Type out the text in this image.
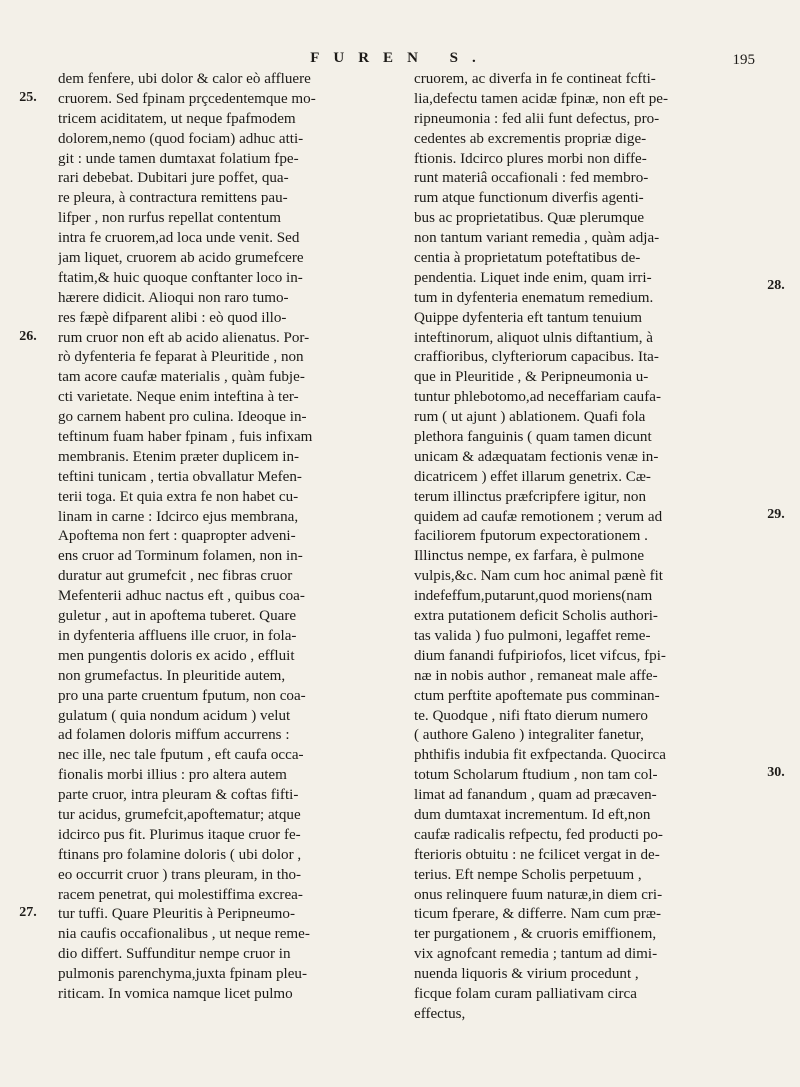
FUREN S.	195
25.
26.
27.
28.
29.
30.
dem fenfere, ubi dolor & calor eò affluere
cruorem. Sed fpinam prçcedentemque mo-
tricem aciditatem, ut neque fpafmodem
dolorem,nemo (quod fociam) adhuc atti-
git : unde tamen dumtaxat folatium fpe-
rari debebat. Dubitari jure poffet, qua-
re pleura, à contractura remittens pau-
lifper , non rurfus repellat contentum
intra fe cruorem,ad loca unde venit. Sed
jam liquet, cruorem ab acido grumefcere
ftatim,& huic quoque conftanter loco in-
hærere didicit. Alioqui non raro tumo-
res fæpè difparent alibi : eò quod illo-
rum cruor non eft ab acido alienatus. Por-
rò dyfenteria fe feparat à Pleuritide , non
tam acore caufæ materialis , quàm fubje-
cti varietate. Neque enim inteftina à ter-
go carnem habent pro culina. Ideoque in-
teftinum fuam haber fpinam , fuis infixam
membranis. Etenim præter duplicem in-
teftini tunicam , tertia obvallatur Mefen-
terii toga. Et quia extra fe non habet cu-
linam in carne : Idcirco ejus membrana,
Apoftema non fert : quapropter adveni-
ens cruor ad Torminum folamen, non in-
duratur aut grumefcit , nec fibras cruor
Mefenterii adhuc nactus eft , quibus coa-
guletur , aut in apoftema tuberet. Quare
in dyfenteria affluens ille cruor, in fola-
men pungentis doloris ex acido , effluit
non grumefactus. In pleuritide autem,
pro una parte cruentum fputum, non coa-
gulatum ( quia nondum acidum ) velut
ad folamen doloris miffum accurrens :
nec ille, nec tale fputum , eft caufa occa-
fionalis morbi illius : pro altera autem
parte cruor, intra pleuram & coftas fifti-
tur acidus, grumefcit,apoftematur; atque
idcirco pus fit. Plurimus itaque cruor fe-
ftinans pro folamine doloris ( ubi dolor ,
eo occurrit cruor ) trans pleuram, in tho-
racem penetrat, qui molestiffima excrea-
tur tuffi. Quare Pleuritis à Peripneumo-
nia caufis occafionalibus , ut neque reme-
dio differt. Suffunditur nempe cruor in
pulmonis parenchyma,juxta fpinam pleu-
riticam. In vomica namque licet pulmo
cruorem, ac diverfa in fe contineat fcfti-
lia,defectu tamen acidæ fpinæ, non eft pe-
ripneumonia : fed alii funt defectus, pro-
cedentes ab excrementis propriæ dige-
ftionis. Idcirco plures morbi non diffe-
runt materiâ occafionali : fed membro-
rum atque functionum diverfis agenti-
bus ac proprietatibus. Quæ plerumque
non tantum variant remedia , quàm adja-
centia à proprietatum poteftatibus de-
pendentia. Liquet inde enim, quam irri-
tum in dyfenteria enematum remedium.
Quippe dyfenteria eft tantum tenuium
inteftinorum, aliquot ulnis diftantium, à
craffioribus, clyfteriorum capacibus. Ita-
que in Pleuritide , & Peripneumonia u-
tuntur phlebotomo,ad neceffariam caufa-
rum ( ut ajunt ) ablationem. Quafi fola
plethora fanguinis ( quam tamen dicunt
unicam & adæquatam fectionis venæ in-
dicatricem ) effet illarum genetrix. Cæ-
terum illinctus præfcripfere igitur, non
quidem ad caufæ remotionem ; verum ad
faciliorem fputorum expectorationem .
Illinctus nempe, ex farfara, è pulmone
vulpis,&c. Nam cum hoc animal pænè fit
indefeffum,putarunt,quod moriens(nam
extra putationem deficit Scholis authori-
tas valida ) fuo pulmoni, legaffet reme-
dium fanandi fufpiriofos, licet vifcus, fpi-
næ in nobis author , remaneat male affe-
ctum perftite apoftemate pus comminan-
te. Quodque , nifi ftato dierum numero
( authore Galeno ) integraliter fanetur,
phthifis indubia fit exfpectanda. Quocirca
totum Scholarum ftudium , non tam col-
limat ad fanandum , quam ad præcaven-
dum dumtaxat incrementum. Id eft,non
caufæ radicalis refpectu, fed producti po-
fterioris obtuitu : ne fcilicet vergat in de-
terius. Eft nempe Scholis perpetuum ,
onus relinquere fuum naturæ,in diem cri-
ticum fperare, & differre. Nam cum præ-
ter purgationem , & cruoris emiffionem,
vix agnofcant remedia ; tantum ad dimi-
nuenda liquoris & virium procedunt ,
ficque folam curam palliativam circa
effectus,
